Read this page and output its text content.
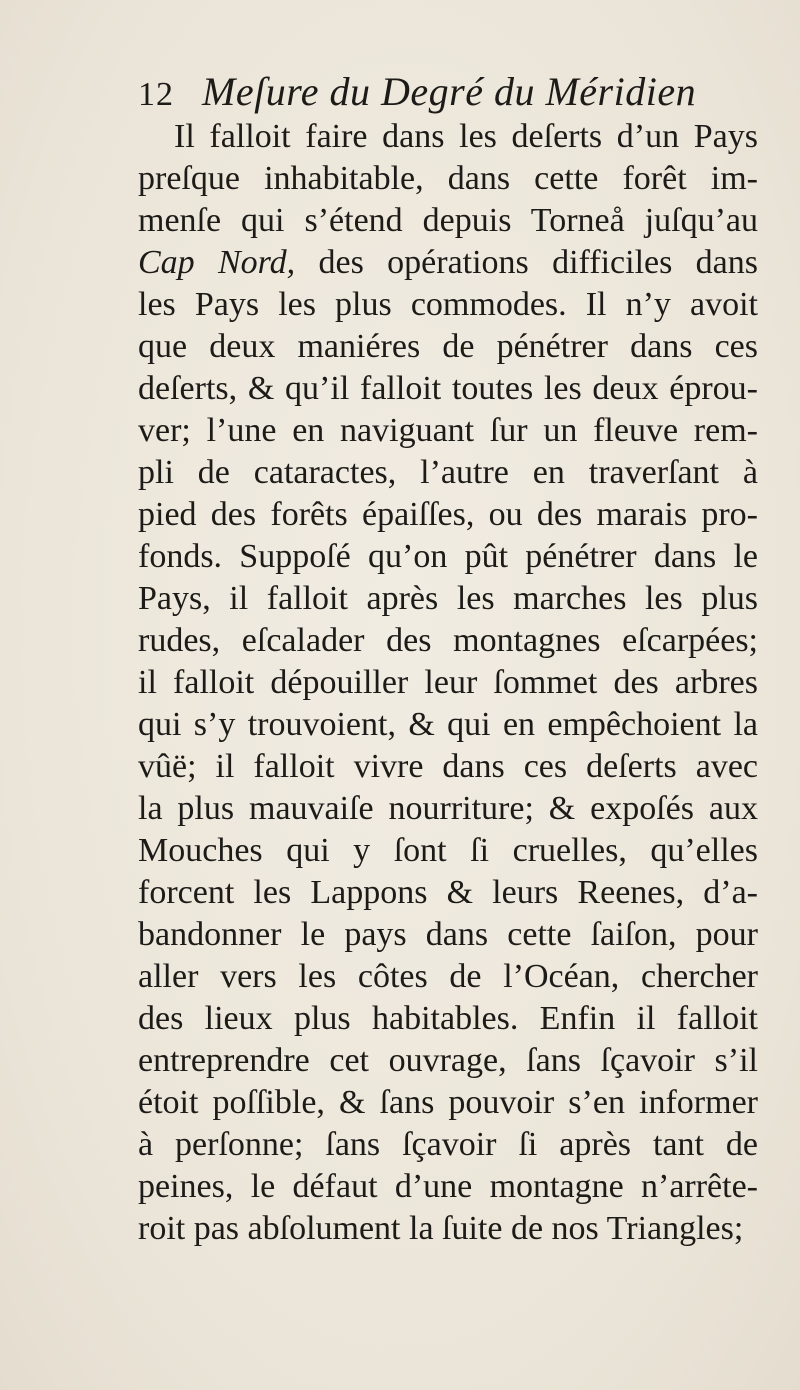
12 Meſure du Degré du Méridien
Il falloit faire dans les deſerts d’un Pays
preſque inhabitable, dans cette forêt im-
menſe qui s’étend depuis Torneå juſqu’au
Cap Nord, des opérations difficiles dans
les Pays les plus commodes. Il n’y avoit
que deux maniéres de pénétrer dans ces
deſerts, & qu’il falloit toutes les deux éprou-
ver; l’une en naviguant ſur un fleuve rem-
pli de cataractes, l’autre en traverſant à
pied des forêts épaiſſes, ou des marais pro-
fonds. Suppoſé qu’on pût pénétrer dans le
Pays, il falloit après les marches les plus
rudes, eſcalader des montagnes eſcarpées;
il falloit dépouiller leur ſommet des arbres
qui s’y trouvoient, & qui en empêchoient la
vûë; il falloit vivre dans ces deſerts avec
la plus mauvaiſe nourriture; & expoſés aux
Mouches qui y ſont ſi cruelles, qu’elles
forcent les Lappons & leurs Reenes, d’a-
bandonner le pays dans cette ſaiſon, pour
aller vers les côtes de l’Océan, chercher
des lieux plus habitables. Enfin il falloit
entreprendre cet ouvrage, ſans ſçavoir s’il
étoit poſſible, & ſans pouvoir s’en informer
à perſonne; ſans ſçavoir ſi après tant de
peines, le défaut d’une montagne n’arrête-
roit pas abſolument la ſuite de nos Triangles;
